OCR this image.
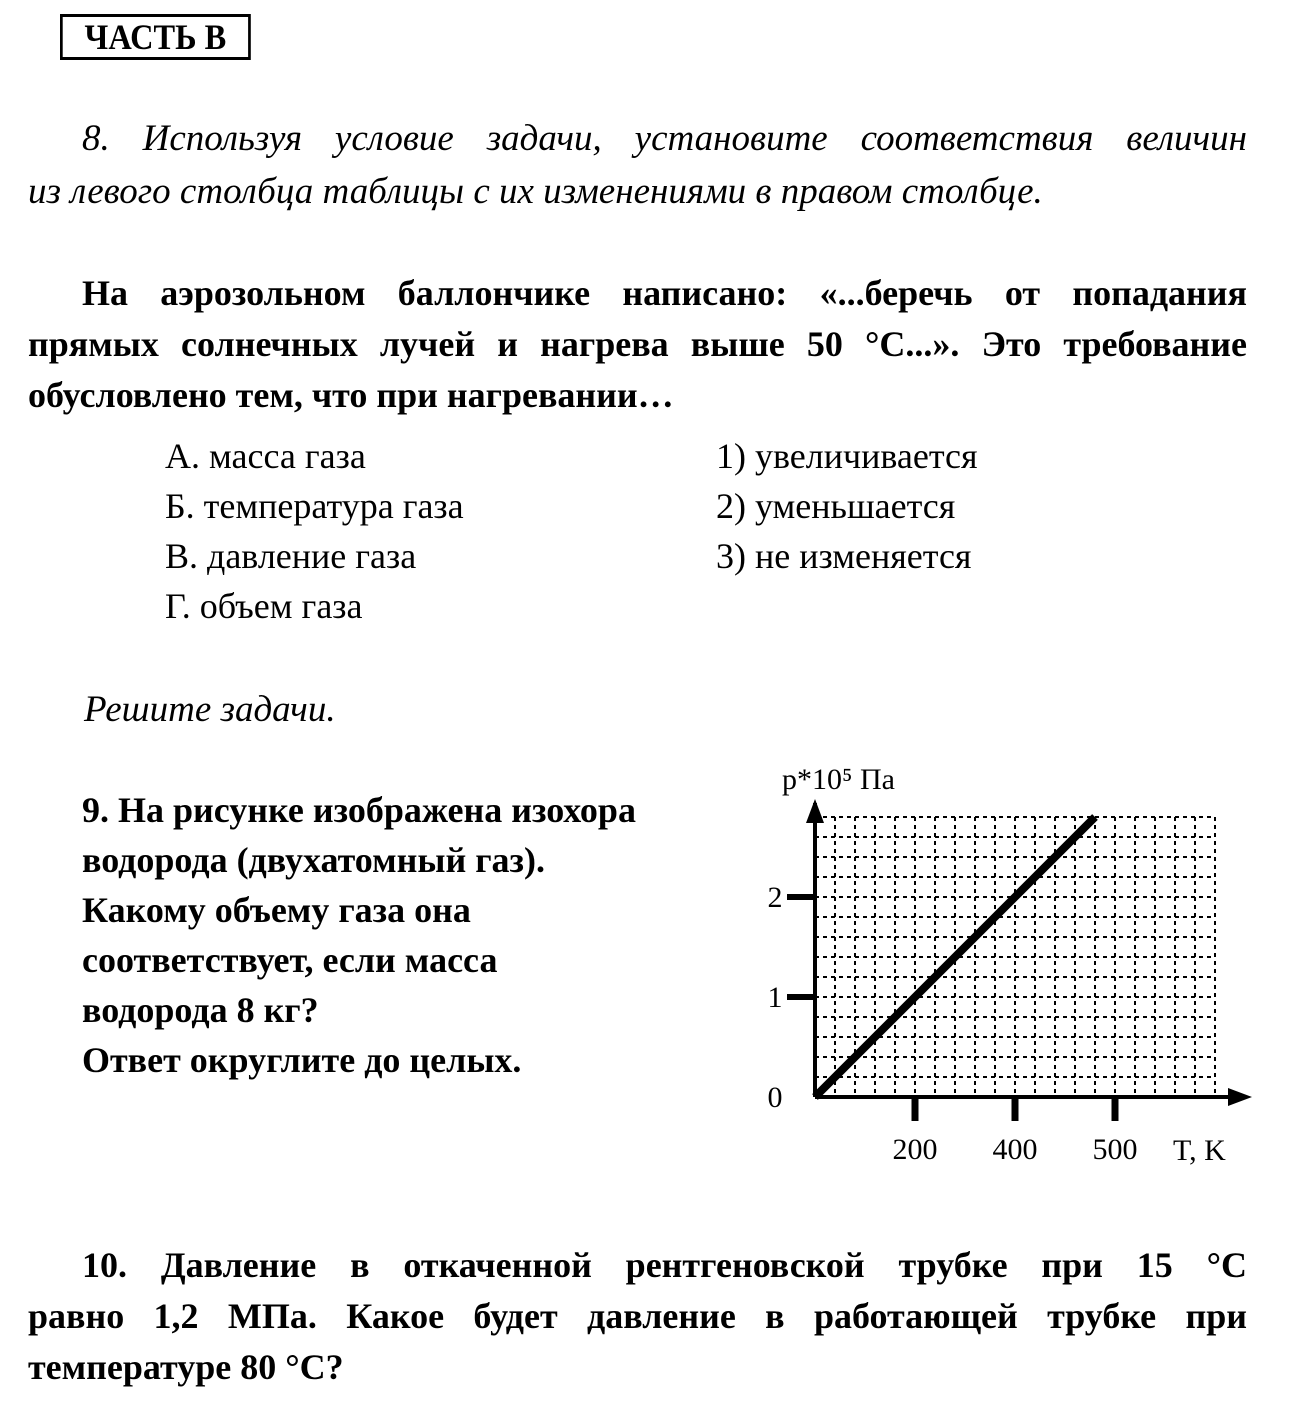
ЧАСТЬ B
8. Используя условие задачи, установите соответствия величин
из левого столбца таблицы с их изменениями в правом столбце.
На аэрозольном баллончике написано: «...беречь от попадания
прямых солнечных лучей и нагрева выше 50 °С...». Это требование
обусловлено тем, что при нагревании…
А. масса газа
Б. температура газа
В. давление газа
Г. объем газа
1) увеличивается
2) уменьшается
3) не изменяется
Решите задачи.
9. На рисунке изображена изохора
водорода (двухатомный газ).
Какому объему газа она
соответствует, если масса
водорода 8 кг?
Ответ округлите до целых.
200 400 500
0
1
2
p*10⁵ Па
T, K
10. Давление в откаченной рентгеновской трубке при 15 °С
равно 1,2 МПа. Какое будет давление в работающей трубке при
температуре 80 °С?
